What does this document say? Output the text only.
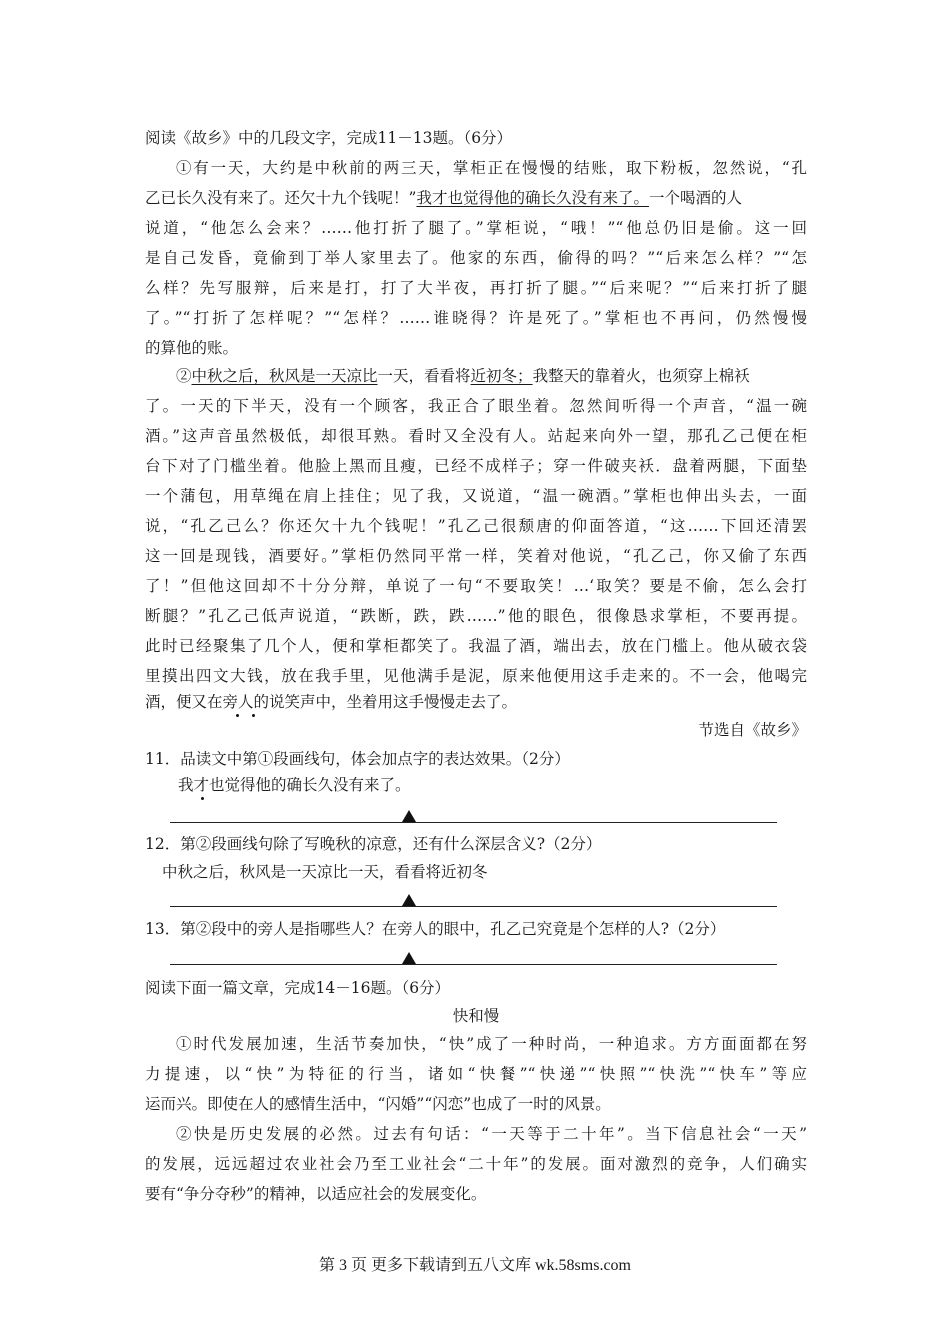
阅读《故乡》中的几段文字，完成11－13题。（6分）
①有一天，大约是中秋前的两三天，掌柜正在慢慢的结账，取下粉板，忽然说，“孔
乙已长久没有来了。还欠十九个钱呢！”我才也觉得他的确长久没有来了。一个喝酒的人
说道，“他怎么会来？……他打折了腿了。”掌柜说，“哦！”“他总仍旧是偷。这一回
是自己发昏，竟偷到丁举人家里去了。他家的东西，偷得的吗？”“后来怎么样？”“怎
么样？先写服辩，后来是打，打了大半夜，再打折了腿。”“后来呢？”“后来打折了腿
了。”“打折了怎样呢？”“怎样？……谁晓得？许是死了。”掌柜也不再问，仍然慢慢
的算他的账。
②中秋之后，秋风是一天凉比一天，看看将近初冬；我整天的靠着火，也须穿上棉袄
了。一天的下半天，没有一个顾客，我正合了眼坐着。忽然间听得一个声音，“温一碗
酒。”这声音虽然极低，却很耳熟。看时又全没有人。站起来向外一望，那孔乙己便在柜
台下对了门槛坐着。他脸上黑而且瘦，已经不成样子；穿一件破夹袄．盘着两腿，下面垫
一个蒲包，用草绳在肩上挂住；见了我，又说道，“温一碗酒。”掌柜也伸出头去，一面
说，“孔乙己么？你还欠十九个钱呢！”孔乙己很颓唐的仰面答道，“这……下回还清罢
这一回是现钱，酒要好。”掌柜仍然同平常一样，笑着对他说，“孔乙己，你又偷了东西
了！”但他这回却不十分分辩，单说了一句“不要取笑！…‘取笑？要是不偷，怎么会打
断腿？”孔乙己低声说道，“跌断，跌，跌……”他的眼色，很像恳求掌柜，不要再提。
此时已经聚集了几个人，便和掌柜都笑了。我温了酒，端出去，放在门槛上。他从破衣袋
里摸出四文大钱，放在我手里，见他满手是泥，原来他便用这手走来的。不一会，他喝完
酒，便又在旁人的说笑声中，坐着用这手慢慢走去了。
节选自《故乡》
11．品读文中第①段画线句，体会加点字的表达效果。（2分）
我才也觉得他的确长久没有来了。
12．第②段画线句除了写晚秋的凉意，还有什么深层含义?（2分）
中秋之后，秋风是一天凉比一天，看看将近初冬
13．第②段中的旁人是指哪些人？在旁人的眼中，孔乙己究竟是个怎样的人?（2分）
阅读下面一篇文章，完成14－16题。（6分）
快和慢
①时代发展加速，生活节奏加快，“快”成了一种时尚，一种追求。方方面面都在努
力提速，以“快”为特征的行当，诸如“快餐”“快递”“快照”“快洗”“快车”等应
运而兴。即使在人的感情生活中，“闪婚”“闪恋”也成了一时的风景。
②快是历史发展的必然。过去有句话：“一天等于二十年”。当下信息社会“一天”
的发展，远远超过农业社会乃至工业社会“二十年”的发展。面对激烈的竞争，人们确实
要有“争分夺秒”的精神，以适应社会的发展变化。
第 3 页 更多下载请到五八文库 wk.58sms.com
